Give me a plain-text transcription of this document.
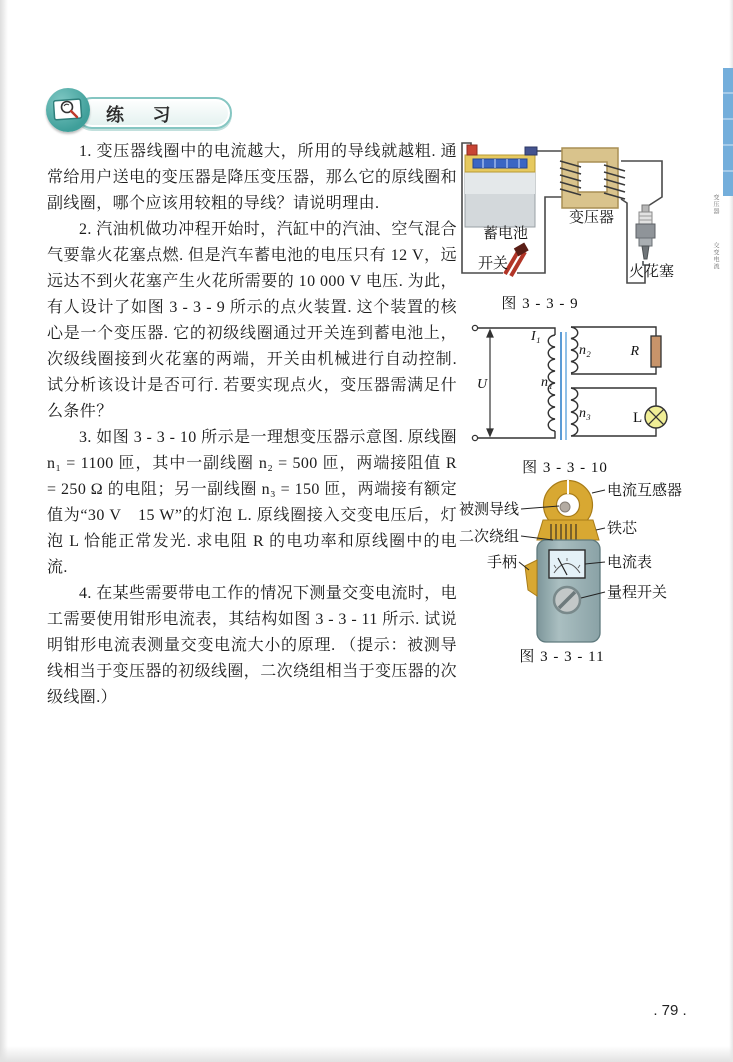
练 习

1. 变压器线圈中的电流越大，所用的导线就越粗. 通常给用户送电的变压器是降压变压器，那么它的原线圈和副线圈，哪个应该用较粗的导线？请说明理由.

2. 汽油机做功冲程开始时，汽缸中的汽油、空气混合气要靠火花塞点燃. 但是汽车蓄电池的电压只有 12 V，远远达不到火花塞产生火花所需要的 10 000 V 电压. 为此，有人设计了如图 3 - 3 - 9 所示的点火装置. 这个装置的核心是一个变压器. 它的初级线圈通过开关连到蓄电池上，次级线圈接到火花塞的两端，开关由机械进行自动控制. 试分析该设计是否可行. 若要实现点火，变压器需满足什么条件？

3. 如图 3 - 3 - 10 所示是一理想变压器示意图. 原线圈 n₁ = 1100 匝，其中一副线圈 n₂ = 500 匝，两端接阻值 R = 250 Ω 的电阻；另一副线圈 n₃ = 150 匝，两端接有额定值为“30 V　15 W”的灯泡 L. 原线圈接入交变电压后，灯泡 L 恰能正常发光. 求电阻 R 的电功率和原线圈中的电流.

4. 在某些需要带电工作的情况下测量交变电流时，电工需要使用钳形电流表，其结构如图 3 - 3 - 11 所示. 试说明钳形电流表测量交变电流大小的原理. （提示：被测导线相当于变压器的初级线圈，二次绕组相当于变压器的次级线圈.）

蓄电池
开关
变压器
火花塞
图 3 - 3 - 9
U
I₁
n₁
n₂	R
n₃	L
图 3 - 3 - 10
电流互感器
被测导线
铁芯
二次绕组
手柄	电流表
量程开关
图 3 - 3 - 11
变压器
交变电流
. 79 .
